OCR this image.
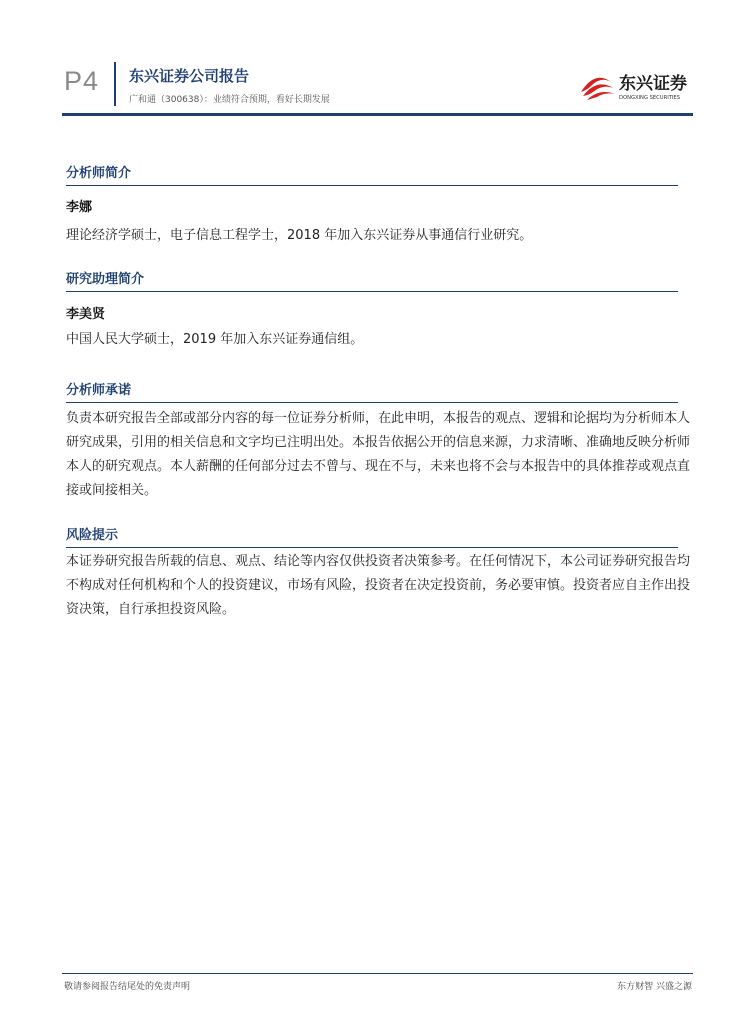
P4 东兴证券公司报告
广和通（300638）：业绩符合预期，看好长期发展
东兴证券
DONGXING SECURITIES
分析师简介
李娜
理论经济学硕士，电子信息工程学士，2018 年加入东兴证券从事通信行业研究。
研究助理简介
李美贤
中国人民大学硕士，2019 年加入东兴证券通信组。
分析师承诺
负责本研究报告全部或部分内容的每一位证券分析师，在此申明，本报告的观点、逻辑和论据均为分析师本人研究成果，引用的相关信息和文字均已注明出处。本报告依据公开的信息来源，力求清晰、准确地反映分析师本人的研究观点。本人薪酬的任何部分过去不曾与、现在不与，未来也将不会与本报告中的具体推荐或观点直接或间接相关。
风险提示
本证券研究报告所载的信息、观点、结论等内容仅供投资者决策参考。在任何情况下，本公司证券研究报告均不构成对任何机构和个人的投资建议，市场有风险，投资者在决定投资前，务必要审慎。投资者应自主作出投资决策，自行承担投资风险。
敬请参阅报告结尾处的免责声明	东方财智 兴盛之源
